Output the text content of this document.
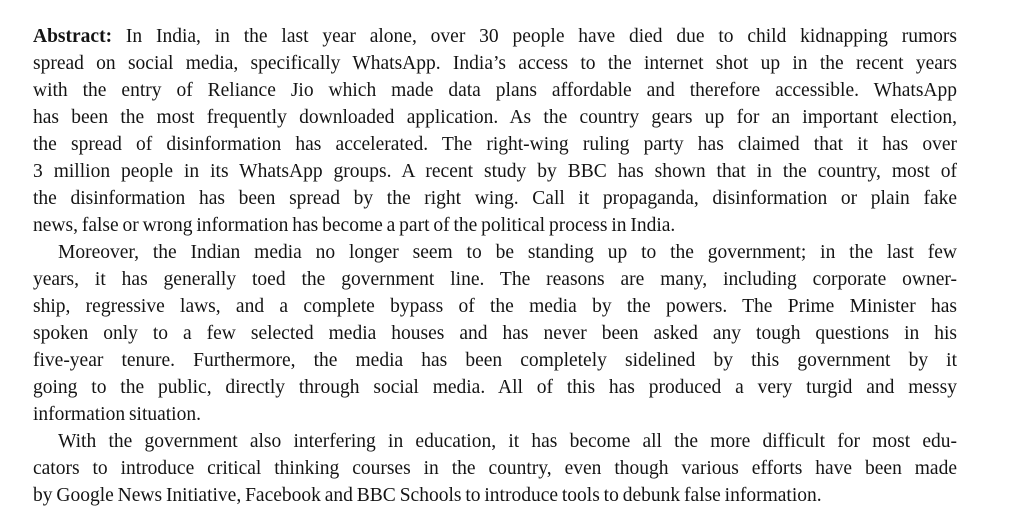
Abstract: In India, in the last year alone, over 30 people have died due to child kidnapping rumors
spread on social media, specifically WhatsApp. India’s access to the internet shot up in the recent years
with the entry of Reliance Jio which made data plans affordable and therefore accessible. WhatsApp
has been the most frequently downloaded application. As the country gears up for an important election,
the spread of disinformation has accelerated. The right-wing ruling party has claimed that it has over
3 million people in its WhatsApp groups. A recent study by BBC has shown that in the country, most of
the disinformation has been spread by the right wing. Call it propaganda, disinformation or plain fake
news, false or wrong information has become a part of the political process in India.
Moreover, the Indian media no longer seem to be standing up to the government; in the last few
years, it has generally toed the government line. The reasons are many, including corporate owner-
ship, regressive laws, and a complete bypass of the media by the powers. The Prime Minister has
spoken only to a few selected media houses and has never been asked any tough questions in his
five-year tenure. Furthermore, the media has been completely sidelined by this government by it
going to the public, directly through social media. All of this has produced a very turgid and messy
information situation.
With the government also interfering in education, it has become all the more difficult for most edu-
cators to introduce critical thinking courses in the country, even though various efforts have been made
by Google News Initiative, Facebook and BBC Schools to introduce tools to debunk false information.
